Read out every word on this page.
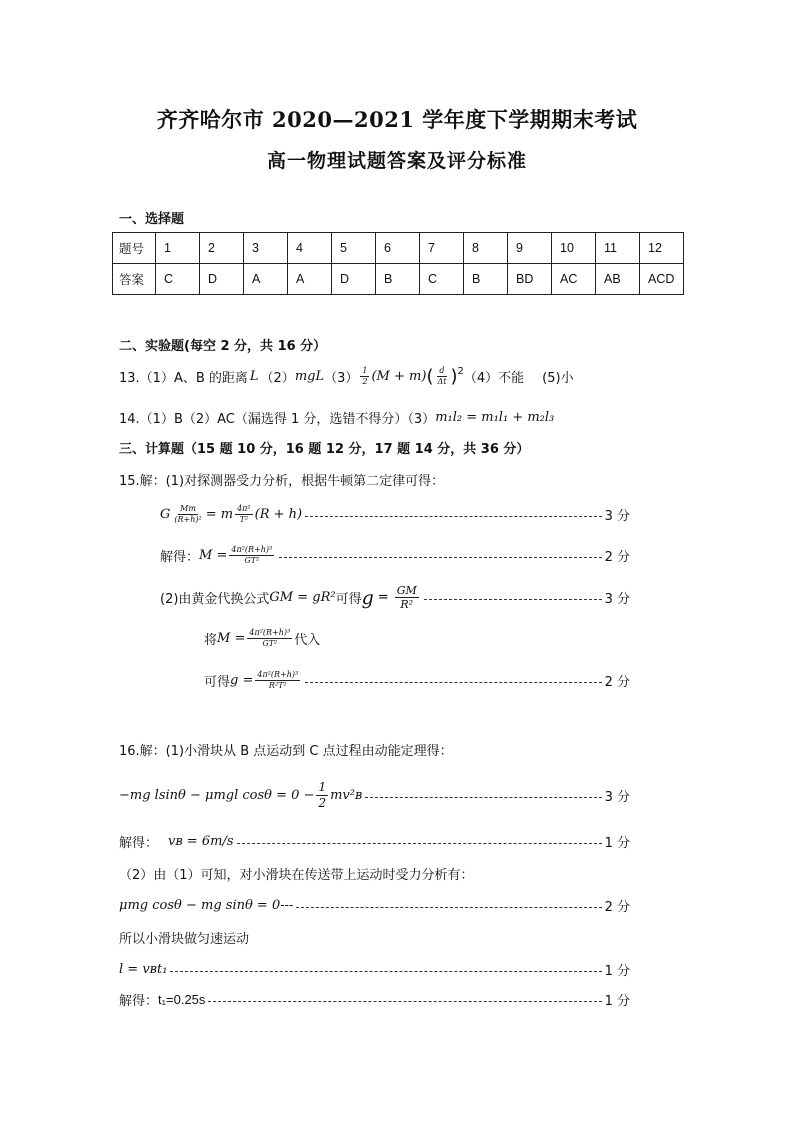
齐齐哈尔市 2020—2021 学年度下学期期末考试
高一物理试题答案及评分标准
一、选择题
题号	1	2	3	4	5	6	7	8	9	10	11	12
答案	C	D	A	A	D	B	C	B	BD	AC	AB	ACD
二、实验题(每空 2 分，共 16 分）
13.（1）A、B 的距离 L （2） mgL $(3) \frac{1}{2} (M + m)$ ( $\frac{d}{\Delta t} )^2$ （4）不能 (5)小
14.（1）B（2）AC（漏选得 1 分，选错不得分）（3） m₁l₂ = m₁l₁ + m₂l₃
三、计算题（15 题 10 分，16 题 12 分，17 题 14 分，共 36 分）
15.解：(1)对探测器受力分析，根据牛顿第二定律可得：
G $\frac{Mm}{\text{(R+h)²}} = m \frac{\text{4π²}}{\text{T²}} (R + h)$	3 分
解得： $M = \frac{\text{4π²(R+h)³}}{\text{GT²}}$	2 分
(2)由黄金代换公式 GM = gR² 可得 $g = \frac{GM}{\text{R²}}$	3 分
将 $M = \frac{\text{4π²(R+h)³}}{\text{GT²}}$ 代入
可得 $g = \frac{\text{4π²(R+h)³}}{\text{R²T²}}$	2 分
16.解：(1)小滑块从 B 点运动到 C 点过程由动能定理得：
−mg lsinθ − μmgl $\cos\theta = 0 - \frac{1}{2}$ mv²ʙ	3 分
解得： vʙ = 6m/s	1 分
（2）由（1）可知，对小滑块在传送带上运动时受力分析有：
μmg cosθ − mg sinθ = 0---	2 分
所以小滑块做匀速运动
l = vʙt₁	1 分
解得： t₁=0.25s	1 分
